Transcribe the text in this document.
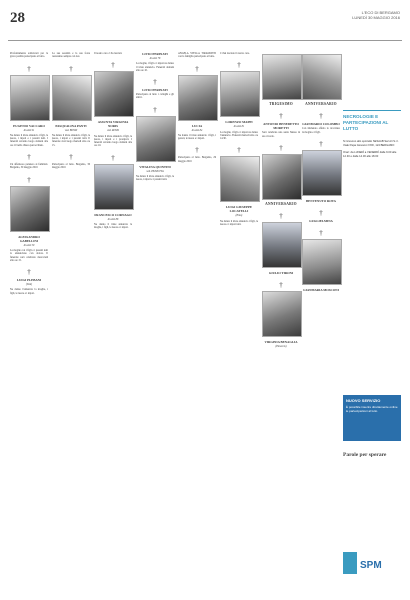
28	L'ECO DI BERGAMO
LUNEDÌ 30 MAGGIO 2016

Profondamente addolorati per la grave perdita partecipano al lutto.

†
EUGENIO VACCARO
di anni 91

Ne danno il triste annuncio i figli, le nuore, i nipoti e i parenti tutti. I funerali avranno luogo domani alle ore 10 nella chiesa parrocchiale.

†

Un affettuoso pensiero ai familiari. Bergamo, 30 maggio 2016

†
ALESSANDRO GABELLINI
di anni 59

La moglie con i figli e i parenti tutti lo annunciano con dolore. Il funerale sarà celebrato mercoledì alle ore 15.

†
LUIGI PLEBANI
(Toni)

Ne danno l'annuncio la moglie, i figli, le nuore e i nipoti.

La sua serenità e la sua forza resteranno sempre con noi.

†
PASQUALINA PANTI
ved. BONZI

Ne danno il triste annuncio i figli, le nuore, i nipoti e i parenti tutti. Il funerale avrà luogo martedì alle ore 15.

†

Partecipano al lutto. Bergamo, 30 maggio 2016

Il nostro caro ci ha lasciati.

†
ASSUNTA VIRGINIA NORIS
ved. ROSSI

Ne danno il triste annuncio i figli, le nuore, i nipoti e i pronipoti. I funerali avranno luogo domani alle ore 10.

†
FRANCESCO CORNAGO
di anni 88

Ne danno il triste annuncio la moglie, i figli, le nuore e i nipoti.

LIVIO PERINATI
di anni 78

La moglie, i figli e i nipoti ne danno il triste annuncio. Funerali domani alle ore 10.

†
LIVIO PERINATI

Partecipano al lutto i colleghi e gli amici.

†
VITALINA QUINTINI
ved. PEZZOTTA

Ne danno il triste annuncio i figli, le nuore, i nipoti e i parenti tutti.

ANGELA STELLA TIRAMONTI con la famiglia partecipano al lutto.

†
LUCIA
di anni 84

Ne danno il triste annuncio i figli, i generi, le nuore e i nipoti.

†

Partecipano al lutto. Bergamo, 29 maggio 2016

Ci hai lasciato il nostro caro.

†
LORENZO MAPPI
di anni 81

La moglie, i figli e i nipoti ne danno l'annuncio. Funerali martedì alle ore 14.30.

†
LUIGI GIUSEPPE LOCATELLI
(Pino)

Ne danno il triste annuncio i figli, le nuore e i nipoti tutti.

TRIGESIMO
†
ANTONIO BENEDETTO MORETTI

Sarà celebrata una santa Messa in suo ricordo.

†
ANNIVERSARIO
†
GIULIO TIRONI
†
VIRGINIA BENAGLIA
(Pinuccia)
ANNIVERSARIO
†
GIANMARIO COLOMBO

Con immutato affetto lo ricordano la moglie e i figli.

†
BENVENUTO ROTA
†
GUGLIELMINA
†
GIANMARIA MOSCONI
NECROLOGIE E PARTECIPAZIONI AL LUTTO
Si ricevono allo sportello SESAAB Servizi S.r.l. Viale Papa Giovanni XXIII, 124 BERGAMO
Orari: da LUNEDÌ a VENERDÌ dalle 9.00 alle 12.30 e dalle 14.30 alle 18.00
NUOVO SERVIZIO
È possibile inserire direttamente online le partecipazioni al lutto
Parole per sperare
SPM
